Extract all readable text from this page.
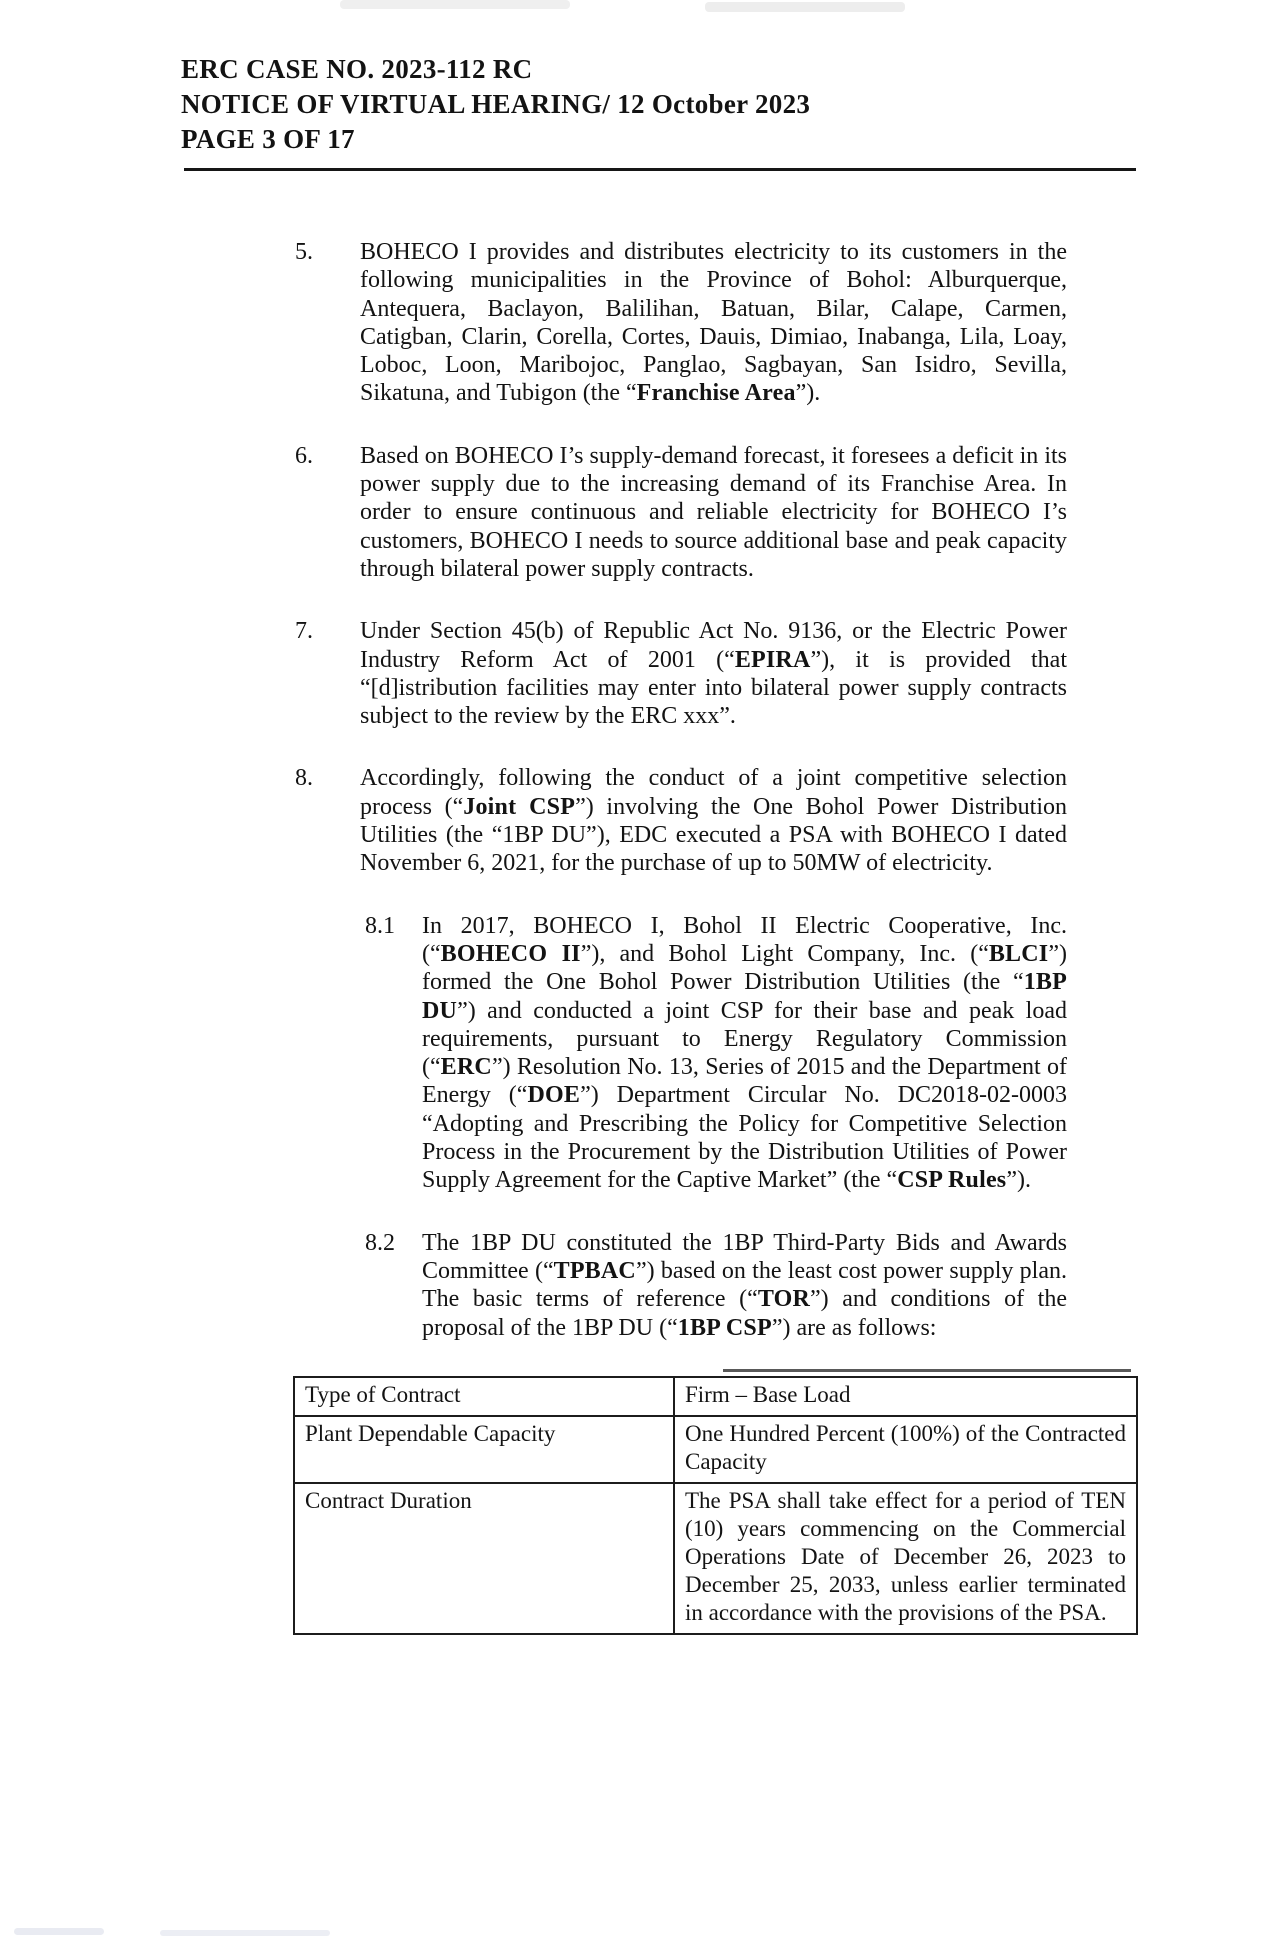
ERC CASE NO. 2023-112 RC
NOTICE OF VIRTUAL HEARING/ 12 October 2023
PAGE 3 OF 17
5.	BOHECO I provides and distributes electricity to its customers in the following municipalities in the Province of Bohol: Alburquerque, Antequera, Baclayon, Balilihan, Batuan, Bilar, Calape, Carmen, Catigban, Clarin, Corella, Cortes, Dauis, Dimiao, Inabanga, Lila, Loay, Loboc, Loon, Maribojoc, Panglao, Sagbayan, San Isidro, Sevilla, Sikatuna, and Tubigon (the “Franchise Area”).
6.	Based on BOHECO I’s supply-demand forecast, it foresees a deficit in its power supply due to the increasing demand of its Franchise Area. In order to ensure continuous and reliable electricity for BOHECO I’s customers, BOHECO I needs to source additional base and peak capacity through bilateral power supply contracts.
7.	Under Section 45(b) of Republic Act No. 9136, or the Electric Power Industry Reform Act of 2001 (“EPIRA”), it is provided that “[d]istribution facilities may enter into bilateral power supply contracts subject to the review by the ERC xxx”.
8.	Accordingly, following the conduct of a joint competitive selection process (“Joint CSP”) involving the One Bohol Power Distribution Utilities (the “1BP DU”), EDC executed a PSA with BOHECO I dated November 6, 2021, for the purchase of up to 50MW of electricity.
8.1	In 2017, BOHECO I, Bohol II Electric Cooperative, Inc. (“BOHECO II”), and Bohol Light Company, Inc. (“BLCI”) formed the One Bohol Power Distribution Utilities (the “1BP DU”) and conducted a joint CSP for their base and peak load requirements, pursuant to Energy Regulatory Commission (“ERC”) Resolution No. 13, Series of 2015 and the Department of Energy (“DOE”) Department Circular No. DC2018-02-0003 “Adopting and Prescribing the Policy for Competitive Selection Process in the Procurement by the Distribution Utilities of Power Supply Agreement for the Captive Market” (the “CSP Rules”).
8.2	The 1BP DU constituted the 1BP Third-Party Bids and Awards Committee (“TPBAC”) based on the least cost power supply plan. The basic terms of reference (“TOR”) and conditions of the proposal of the 1BP DU (“1BP CSP”) are as follows:
Type of Contract	Firm – Base Load
Plant Dependable Capacity	One Hundred Percent (100%) of the Contracted Capacity
Contract Duration	The PSA shall take effect for a period of TEN (10) years commencing on the Commercial Operations Date of December 26, 2023 to December 25, 2033, unless earlier terminated in accordance with the provisions of the PSA.
